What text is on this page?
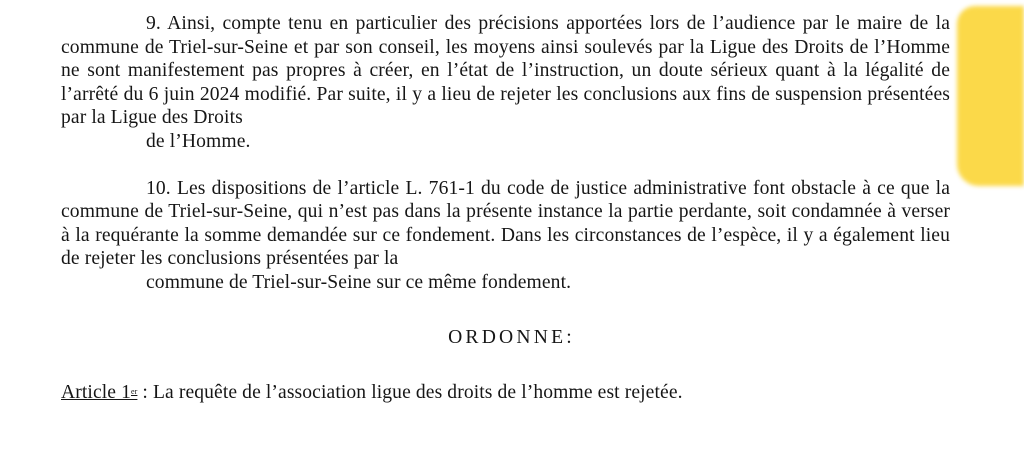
9. Ainsi, compte tenu en particulier des précisions apportées lors de l’audience par le maire de la commune de Triel-sur-Seine et par son conseil, les moyens ainsi soulevés par la Ligue des Droits de l’Homme ne sont manifestement pas propres à créer, en l’état de l’instruction, un doute sérieux quant à la légalité de l’arrêté du 6 juin 2024 modifié. Par suite, il y a lieu de rejeter les conclusions aux fins de suspension présentées par la Ligue des Droits
de l’Homme.

10. Les dispositions de l’article L. 761-1 du code de justice administrative font obstacle à ce que la commune de Triel-sur-Seine, qui n’est pas dans la présente instance la partie perdante, soit condamnée à verser à la requérante la somme demandée sur ce fondement. Dans les circonstances de l’espèce, il y a également lieu de rejeter les conclusions présentées par la
commune de Triel-sur-Seine sur ce même fondement.

ORDONNE:

Article 1er : La requête de l’association ligue des droits de l’homme est rejetée.
